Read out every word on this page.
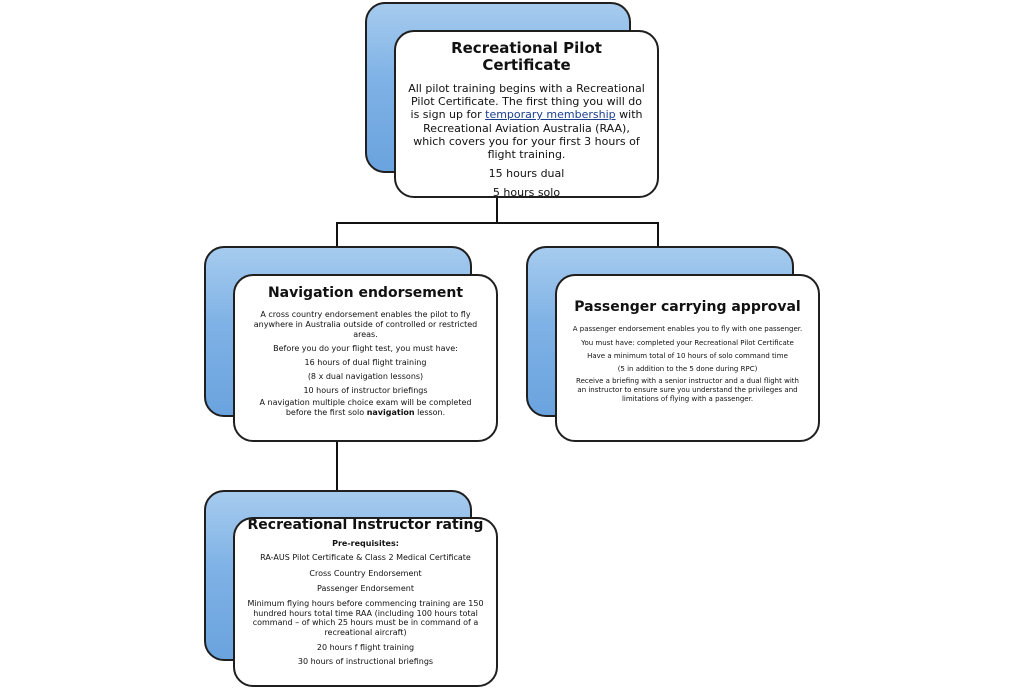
Recreational Pilot Certificate

All pilot training begins with a Recreational Pilot Certificate. The first thing you will do is sign up for temporary membership with Recreational Aviation Australia (RAA), which covers you for your first 3 hours of flight training.

15 hours dual

5 hours solo

Navigation endorsement

A cross country endorsement enables the pilot to fly anywhere in Australia outside of controlled or restricted areas.

Before you do your flight test, you must have:

16 hours of dual flight training

(8 x dual navigation lessons)

10 hours of instructor briefings

A navigation multiple choice exam will be completed before the first solo navigation lesson.

Passenger carrying approval

A passenger endorsement enables you to fly with one passenger.

You must have: completed your Recreational Pilot Certificate

Have a minimum total of 10 hours of solo command time

(5 in addition to the 5 done during RPC)

Receive a briefing with a senior instructor and a dual flight with an instructor to ensure sure you understand the privileges and limitations of flying with a passenger.

Recreational Instructor rating

Pre-requisites:

RA-AUS Pilot Certificate & Class 2 Medical Certificate

Cross Country Endorsement

Passenger Endorsement

Minimum flying hours before commencing training are 150 hundred hours total time RAA (including 100 hours total command – of which 25 hours must be in command of a recreational aircraft)

20 hours f flight training

30 hours of instructional briefings
